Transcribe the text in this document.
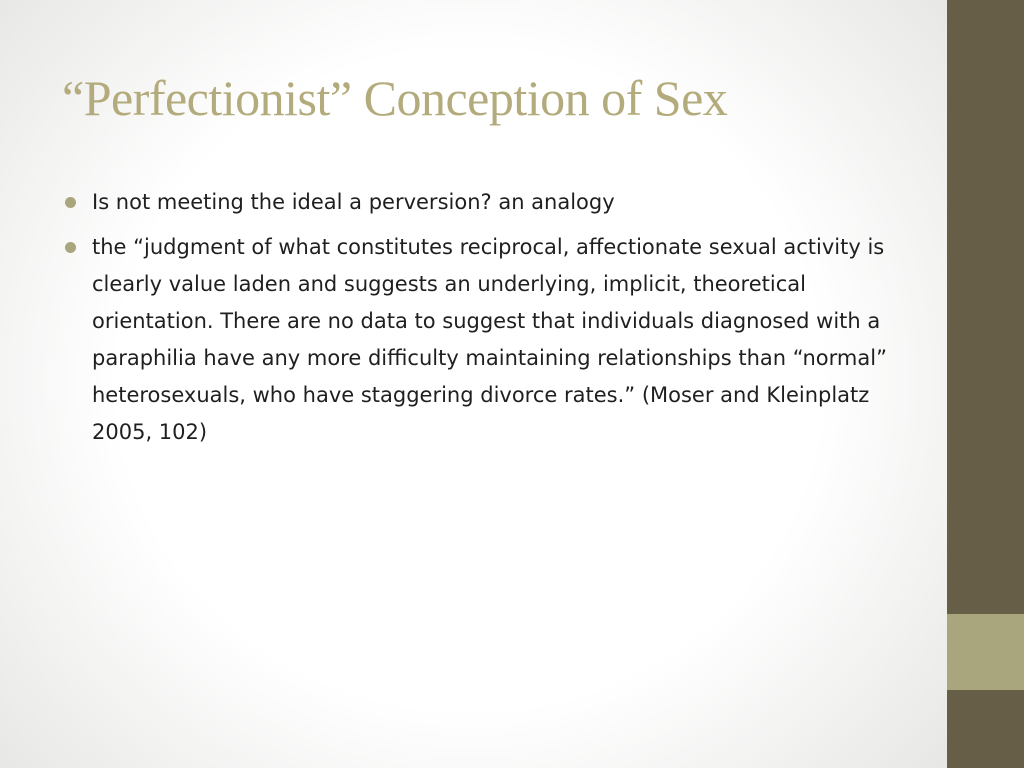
“Perfectionist” Conception of Sex
Is not meeting the ideal a perversion? an analogy
the “judgment of what constitutes reciprocal, affectionate sexual activity is clearly value laden and suggests an underlying, implicit, theoretical orientation. There are no data to suggest that individuals diagnosed with a paraphilia have any more difficulty maintaining relationships than “normal” heterosexuals, who have staggering divorce rates.” (Moser and Kleinplatz 2005, 102)
